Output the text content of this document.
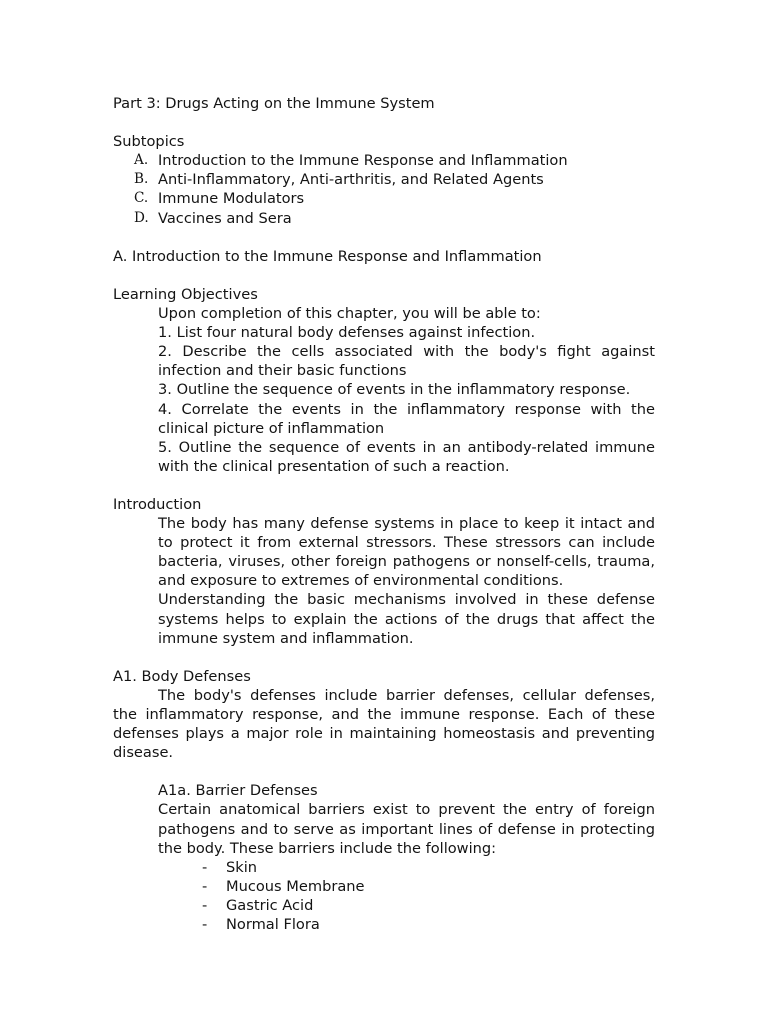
Part 3: Drugs Acting on the Immune System
Subtopics
A. Introduction to the Immune Response and Inflammation
B. Anti-Inflammatory, Anti-arthritis, and Related Agents
C. Immune Modulators
D. Vaccines and Sera
A. Introduction to the Immune Response and Inflammation
Learning Objectives

Upon completion of this chapter, you will be able to:

1. List four natural body defenses against infection.

2. Describe the cells associated with the body's fight against infection and their basic functions

3. Outline the sequence of events in the inflammatory response.

4. Correlate the events in the inflammatory response with the clinical picture of inflammation

5. Outline the sequence of events in an antibody-related immune with the clinical presentation of such a reaction.

Introduction

The body has many defense systems in place to keep it intact and to protect it from external stressors. These stressors can include bacteria, viruses, other foreign pathogens or nonself-cells, trauma, and exposure to extremes of environmental conditions.

Understanding the basic mechanisms involved in these defense systems helps to explain the actions of the drugs that affect the immune system and inflammation.

A1. Body Defenses

The body's defenses include barrier defenses, cellular defenses, the inflammatory response, and the immune response. Each of these defenses plays a major role in maintaining homeostasis and preventing disease.

A1a. Barrier Defenses

Certain anatomical barriers exist to prevent the entry of foreign pathogens and to serve as important lines of defense in protecting the body. These barriers include the following:

-	Skin
-	Mucous Membrane
-	Gastric Acid
-	Normal Flora
